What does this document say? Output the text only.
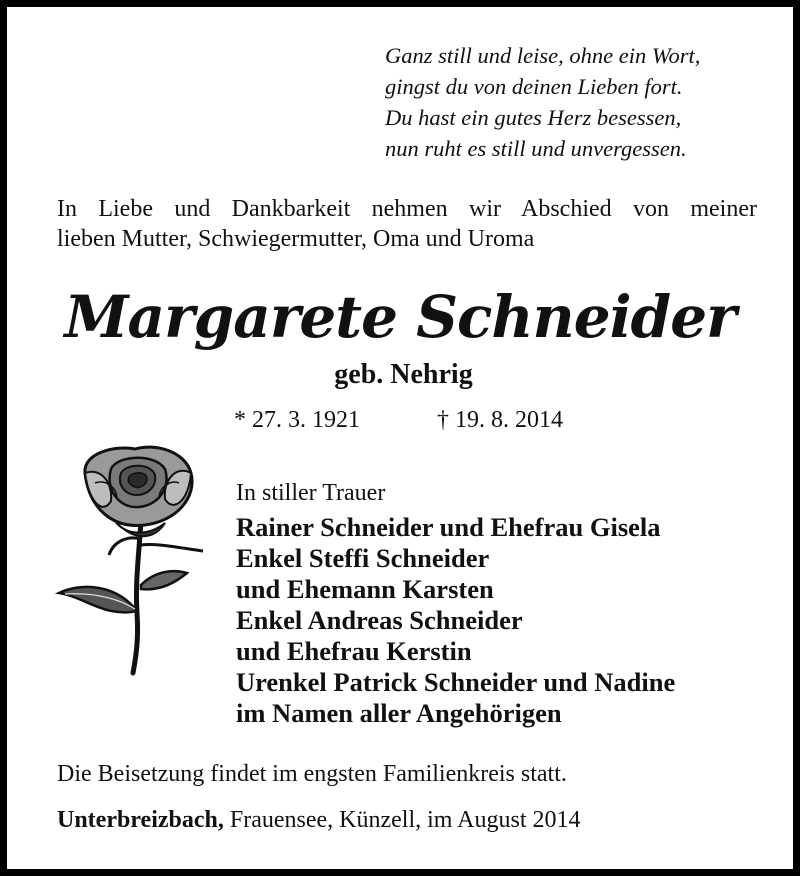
Ganz still und leise, ohne ein Wort,
gingst du von deinen Lieben fort.
Du hast ein gutes Herz besessen,
nun ruht es still und unvergessen.
In Liebe und Dankbarkeit nehmen wir Abschied von meiner
lieben Mutter, Schwiegermutter, Oma und Uroma
Margarete Schneider
geb. Nehrig
* 27. 3. 1921	† 19. 8. 2014
In stiller Trauer
Rainer Schneider und Ehefrau Gisela
Enkel Steffi Schneider
und Ehemann Karsten
Enkel Andreas Schneider
und Ehefrau Kerstin
Urenkel Patrick Schneider und Nadine
im Namen aller Angehörigen
Die Beisetzung findet im engsten Familienkreis statt.
Unterbreizbach, Frauensee, Künzell, im August 2014
